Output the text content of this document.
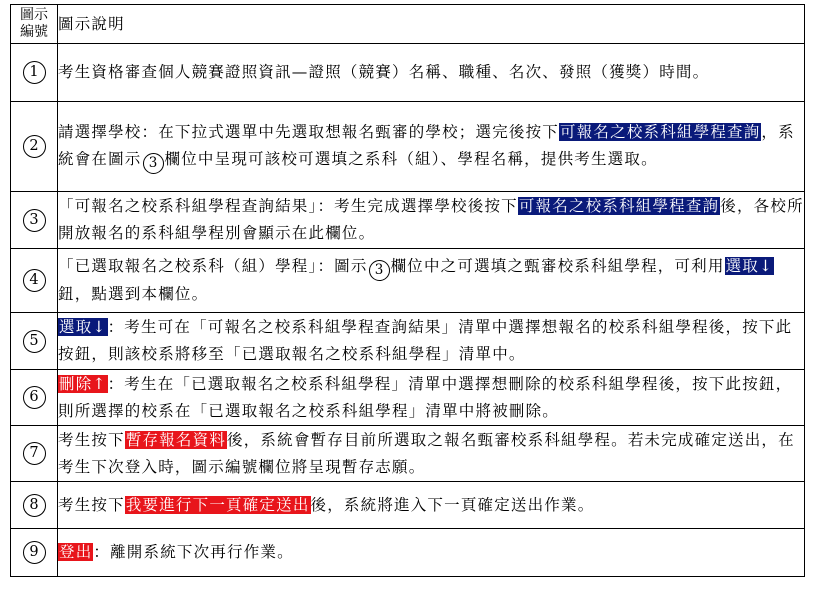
圖示
編號	圖示說明
1	考生資格審查個人競賽證照資訊—證照（競賽）名稱、職種、名次、發照（獲獎）時間。
2	請選擇學校：在下拉式選單中先選取想報名甄審的學校；選完後按下可報名之校系科組學程查詢，系統會在圖示 3 欄位中呈現可該校可選填之系科（組）、學程名稱，提供考生選取。
3	「可報名之校系科組學程查詢結果」：考生完成選擇學校後按下可報名之校系科組學程查詢後，各校所開放報名的系科組學程別會顯示在此欄位。
4	「已選取報名之校系科（組）學程」：圖示 3 欄位中之可選填之甄審校系科組學程，可利用選取↓鈕，點選到本欄位。
5	選取↓：考生可在「可報名之校系科組學程查詢結果」清單中選擇想報名的校系科組學程後，按下此按鈕，則該校系將移至「已選取報名之校系科組學程」清單中。
6	刪除↑：考生在「已選取報名之校系科組學程」清單中選擇想刪除的校系科組學程後，按下此按鈕，則所選擇的校系在「已選取報名之校系科組學程」清單中將被刪除。
7	考生按下暫存報名資料後，系統會暫存目前所選取之報名甄審校系科組學程。若未完成確定送出，在考生下次登入時，圖示編號欄位將呈現暫存志願。
8	考生按下我要進行下一頁確定送出後，系統將進入下一頁確定送出作業。
9	登出：離開系統下次再行作業。
